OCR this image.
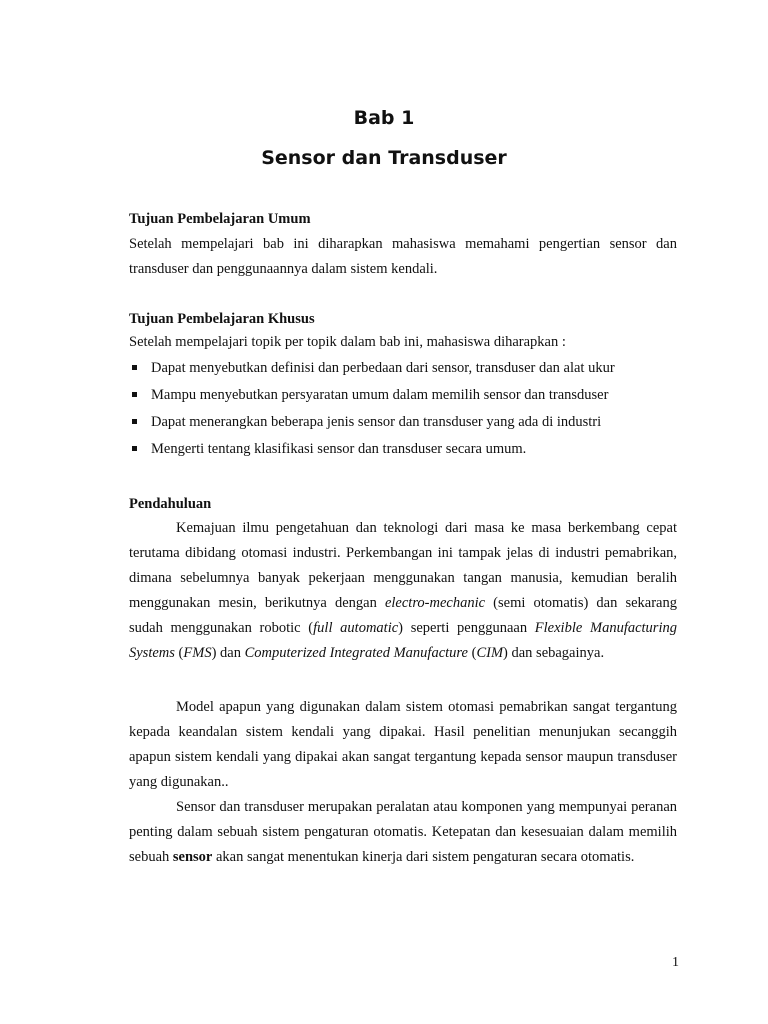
Bab 1
Sensor dan Transduser
Tujuan Pembelajaran Umum

Setelah mempelajari bab ini diharapkan mahasiswa memahami pengertian sensor dan transduser dan penggunaannya dalam sistem kendali.

Tujuan Pembelajaran Khusus

Setelah mempelajari topik per topik dalam bab ini, mahasiswa diharapkan :

Dapat menyebutkan definisi dan perbedaan dari sensor, transduser dan alat ukur
Mampu menyebutkan persyaratan umum dalam memilih sensor dan transduser
Dapat menerangkan beberapa jenis sensor dan transduser yang ada di industri
Mengerti tentang klasifikasi sensor dan transduser secara umum.
Pendahuluan

Kemajuan ilmu pengetahuan dan teknologi dari masa ke masa berkembang cepat terutama dibidang otomasi industri. Perkembangan ini tampak jelas di industri pemabrikan, dimana sebelumnya banyak pekerjaan menggunakan tangan manusia, kemudian beralih menggunakan mesin, berikutnya dengan electro-mechanic (semi otomatis) dan sekarang sudah menggunakan robotic (full automatic) seperti penggunaan Flexible Manufacturing Systems (FMS) dan Computerized Integrated Manufacture (CIM) dan sebagainya.

Model apapun yang digunakan dalam sistem otomasi pemabrikan sangat tergantung kepada keandalan sistem kendali yang dipakai. Hasil penelitian menunjukan secanggih apapun sistem kendali yang dipakai akan sangat tergantung kepada sensor maupun transduser yang digunakan..

Sensor dan transduser merupakan peralatan atau komponen yang mempunyai peranan penting dalam sebuah sistem pengaturan otomatis. Ketepatan dan kesesuaian dalam memilih sebuah sensor akan sangat menentukan kinerja dari sistem pengaturan secara otomatis.

1
